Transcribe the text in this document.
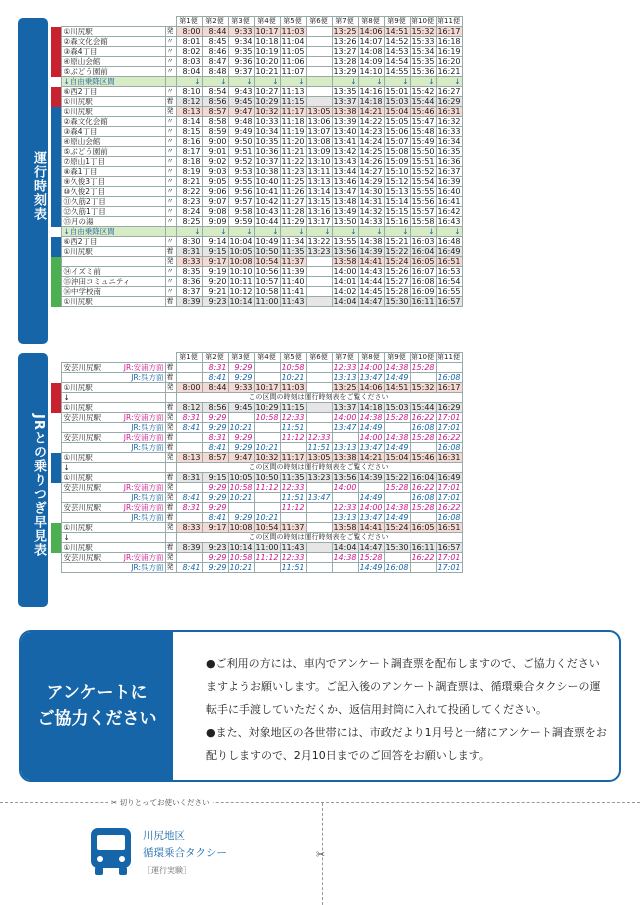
運行時刻表
			第1便	第2便	第3便	第4便	第5便	第6便	第7便	第8便	第9便	第10便	第11便
	①川尻駅	発	8:00	8:44	9:33	10:17	11:03		13:25	14:06	14:51	15:32	16:17
	②森文化会館	〃	8:01	8:45	9:34	10:18	11:04		13:26	14:07	14:52	15:33	16:18
	③森4丁目	〃	8:02	8:46	9:35	10:19	11:05		13:27	14:08	14:53	15:34	16:19
	④原山会館	〃	8:03	8:47	9:36	10:20	11:06		13:28	14:09	14:54	15:35	16:20
	⑤ぶどう園前	〃	8:04	8:48	9:37	10:21	11:07		13:29	14:10	14:55	15:36	16:21
	↓自由乗降区間		↓	↓	↓	↓	↓		↓	↓	↓	↓	↓
	⑥西2丁目	〃	8:10	8:54	9:43	10:27	11:13		13:35	14:16	15:01	15:42	16:27
	①川尻駅	着	8:12	8:56	9:45	10:29	11:15		13:37	14:18	15:03	15:44	16:29
	①川尻駅	発	8:13	8:57	9:47	10:32	11:17	13:05	13:38	14:21	15:04	15:46	16:31
	②森文化会館	〃	8:14	8:58	9:48	10:33	11:18	13:06	13:39	14:22	15:05	15:47	16:32
	③森4丁目	〃	8:15	8:59	9:49	10:34	11:19	13:07	13:40	14:23	15:06	15:48	16:33
	④原山会館	〃	8:16	9:00	9:50	10:35	11:20	13:08	13:41	14:24	15:07	15:49	16:34
	⑤ぶどう園前	〃	8:17	9:01	9:51	10:36	11:21	13:09	13:42	14:25	15:08	15:50	16:35
	⑦原山1丁目	〃	8:18	9:02	9:52	10:37	11:22	13:10	13:43	14:26	15:09	15:51	16:36
	⑧森1丁目	〃	8:19	9:03	9:53	10:38	11:23	13:11	13:44	14:27	15:10	15:52	16:37
	⑨久俊3丁目	〃	8:21	9:05	9:55	10:40	11:25	13:13	13:46	14:29	15:12	15:54	16:39
	⑩久俊2丁目	〃	8:22	9:06	9:56	10:41	11:26	13:14	13:47	14:30	15:13	15:55	16:40
	⑪久筋2丁目	〃	8:23	9:07	9:57	10:42	11:27	13:15	13:48	14:31	15:14	15:56	16:41
	⑫久筋1丁目	〃	8:24	9:08	9:58	10:43	11:28	13:16	13:49	14:32	15:15	15:57	16:42
	⑬月の湯	〃	8:25	9:09	9:59	10:44	11:29	13:17	13:50	14:33	15:16	15:58	16:43
	↓自由乗降区間		↓	↓	↓	↓	↓	↓	↓	↓	↓	↓	↓
	⑥西2丁目	〃	8:30	9:14	10:04	10:49	11:34	13:22	13:55	14:38	15:21	16:03	16:48
	①川尻駅	着	8:31	9:15	10:05	10:50	11:35	13:23	13:56	14:39	15:22	16:04	16:49
		発	8:33	9:17	10:08	10:54	11:37		13:58	14:41	15:24	16:05	16:51
	⑭イズミ前	〃	8:35	9:19	10:10	10:56	11:39		14:00	14:43	15:26	16:07	16:53
	⑮沖田コミュニティ	〃	8:36	9:20	10:11	10:57	11:40		14:01	14:44	15:27	16:08	16:54
	⑯中学校南	〃	8:37	9:21	10:12	10:58	11:41		14:02	14:45	15:28	16:09	16:55
	①川尻駅	着	8:39	9:23	10:14	11:00	11:43		14:04	14:47	15:30	16:11	16:57
JRとの乗りつぎ早見表
			第1便	第2便	第3便	第4便	第5便	第6便	第7便	第8便	第9便	第10便	第11便
	安芸川尻駅 JR:安浦方面	着		8:31	9:29		10:58		12:33	14:00	14:38	15:28	

	JR:呉方面	着		8:41	9:29		10:21		13:13	13:47	14:49		16:08
	①川尻駅	発	8:00	8:44	9:33	10:17	11:03		13:25	14:06	14:51	15:32	16:17
	↓		この区間の時刻は運行時刻表をご覧ください										
	①川尻駅	着	8:12	8:56	9:45	10:29	11:15		13:37	14:18	15:03	15:44	16:29
	安芸川尻駅 JR:安浦方面	発	8:31	9:29		10:58	12:33		14:00	14:38	15:28	16:22	17:01

	JR:呉方面	発	8:41	9:29	10:21		11:51		13:47	14:49		16:08	17:01
	安芸川尻駅 JR:安浦方面	着		8:31	9:29		11:12	12:33		14:00	14:38	15:28	16:22

	JR:呉方面	着		8:41	9:29	10:21		11:51	13:13	13:47	14:49		16:08
	①川尻駅	発	8:13	8:57	9:47	10:32	11:17	13:05	13:38	14:21	15:04	15:46	16:31
	↓		この区間の時刻は運行時刻表をご覧ください										
	①川尻駅	着	8:31	9:15	10:05	10:50	11:35	13:23	13:56	14:39	15:22	16:04	16:49
	安芸川尻駅 JR:安浦方面	発		9:29	10:58	11:12	12:33		14:00		15:28	16:22	17:01

	JR:呉方面	発	8:41	9:29	10:21		11:51	13:47		14:49		16:08	17:01
	安芸川尻駅 JR:安浦方面	着	8:31	9:29			11:12		12:33	14:00	14:38	15:28	16:22

	JR:呉方面	着		8:41	9:29	10:21			13:13	13:47	14:49		16:08
	①川尻駅	発	8:33	9:17	10:08	10:54	11:37		13:58	14:41	15:24	16:05	16:51
	↓		この区間の時刻は運行時刻表をご覧ください										
	①川尻駅	着	8:39	9:23	10:14	11:00	11:43		14:04	14:47	15:30	16:11	16:57
	安芸川尻駅 JR:安浦方面	発		9:29	10:58	11:12	12:33		14:38	15:28		16:22	17:01

	JR:呉方面	発	8:41	9:29	10:21		11:51			14:49	16:08		17:01
アンケートに
ご協力ください

●ご利用の方には、車内でアンケート調査票を配布しますので、ご協力くださいますようお願いします。ご記入後のアンケート調査票は、循環乗合タクシーの運転手に手渡していただくか、返信用封筒に入れて投函してください。

●また、対象地区の各世帯には、市政だより1月号と一緒にアンケート調査票をお配りしますので、2月10日までのご回答をお願いします。

✂ 切りとってお使いください
✂
川尻地区
循環乗合タクシー
［運行実験］
